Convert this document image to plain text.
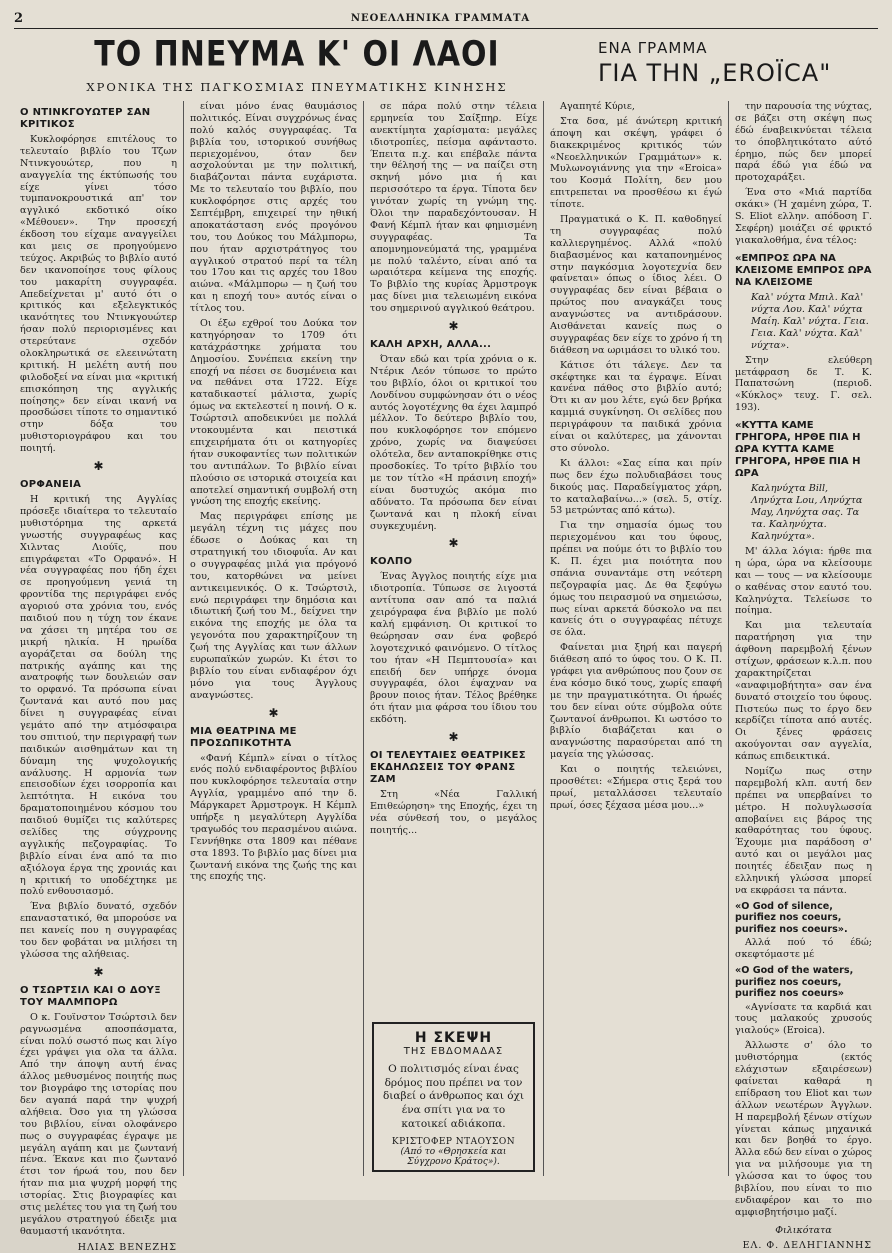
2	ΝΕΟΕΛΛΗΝΙΚΑ ΓΡΑΜΜΑΤΑ
ΤΟ ΠΝΕΥΜΑ Κ' ΟΙ ΛΑΟΙ
ΧΡΟΝΙΚΑ ΤΗΣ ΠΑΓΚΟΣΜΙΑΣ ΠΝΕΥΜΑΤΙΚΗΣ ΚΙΝΗΣΗΣ
ΕΝΑ ΓΡΑΜΜΑ
ΓΙΑ ΤΗΝ „EROΪCA"
Ο ΝΤΙΝΚΓΟΥΩΤΕΡ ΣΑΝ ΚΡΙΤΙΚΟΣ

Κυκλοφόρησε επιτέλους το τελευταίο βιβλίο του Τζων Ντινκγουώτερ, που η αναγγελία της έκτύπωσής του είχε γίνει τόσο τυμπανοκρουστικά απ' τον αγγλικό εκδοτικό οίκο «Μέθουεν». Την προσεχή έκδοση του είχαμε αναγγείλει και μεις σε προηγούμενο τεύχος. Ακριβώς το βιβλίο αυτό δεν ικανοποίησε τους φίλους του μακαρίτη συγγραφέα. Απεδείχνεται μ' αυτό ότι ο κριτικός και εξελεγκτικός ικανότητες του Ντινκγουώτερ ήσαν πολύ περιορισμένες και στερεύτανε σχεδόν ολοκληρωτικά σε ελεεινώτατη κριτική. Η μελέτη αυτή που φιλοδοξεί να είναι μια «κριτική επισκόπηση της αγγλικής ποίησης» δεν είναι ικανή να προσδώσει τίποτε το σημαντικό στην δόξα του μυθιστοριογράφου και του ποιητή.

✱
ΟΡΦΑΝΕΙΑ

Η κριτική της Αγγλίας πρόσεξε ιδιαίτερα το τελευταίο μυθιστόρημα της αρκετά γνωστής συγγραφέως κας Χιλντας Λιούϊς, που επιγράφεται «Το Ορφανό». Η νέα συγγραφέας που ήδη έχει σε προηγούμενη γενιά τη φροντίδα της περιγράφει ενός αγοριού στα χρόνια του, ενός παιδιού που η τύχη τον έκανε να χάσει τη μητέρα του σε μικρή ηλικία. Η ηρωίδα αγοράζεται σα δούλη της πατρικής αγάπης και της ανατροφής των δουλειών σαν το ορφανό. Τα πρόσωπα είναι ζωντανά και αυτό που μας δίνει η συγγραφέας είναι γεμάτο από την ατμόσφαιρα του σπιτιού, την περιγραφή των παιδικών αισθημάτων και τη δύναμη της ψυχολογικής ανάλυσης. Η αρμονία των επεισοδίων έχει ισορροπία και λεπτότητα. Η εικόνα του δραματοποιημένου κόσμου του παιδιού θυμίζει τις καλύτερες σελίδες της σύγχρονης αγγλικής πεζογραφίας. Το βιβλίο είναι ένα από τα πιο αξιόλογα έργα της χρονιάς και η κριτική το υποδέχτηκε με πολύ ενθουσιασμό.

Ένα βιβλίο δυνατό, σχεδόν επαναστατικό, θα μπορούσε να πει κανείς που η συγγραφέας του δεν φοβάται να μιλήσει τη γλώσσα της αλήθειας.

✱
Ο ΤΣΩΡΤΣΙΛ ΚΑΙ Ο ΔΟΥΞ ΤΟΥ ΜΑΛΜΠΟΡΩ

Ο κ. Γουϊνστον Τσώρτσιλ δεν ραγνωσμένα αποσπάσματα, είναι πολύ σωστό πως και λίγο έχει γράψει για ολα τα άλλα. Από την άποψη αυτή ένας άλλος μεθυσμένος ποιητής πως τον βιογράφο της ιστορίας που δεν αγαπά παρά την ψυχρή αλήθεια. Όσο για τη γλώσσα του βιβλίου, είναι ολοφάνερο πως ο συγγραφέας έγραψε με μεγάλη αγάπη και με ζωντανή πένα. Έκανε και πιο ζωντανό έτσι τον ήρωά του, που δεν ήταν πια μια ψυχρή μορφή της ιστορίας. Στις βιογραφίες και στις μελέτες του για τη ζωή του μεγάλου στρατηγού έδειξε μια θαυμαστή ικανότητα.

ΗΛΙΑΣ ΒΕΝΕΖΗΣ

είναι μόνο ένας θαυμάσιος πολιτικός. Είναι συγχρόνως ένας πολύ καλός συγγραφέας. Τα βιβλία του, ιστορικού συνήθως περιεχομένου, όταν δεν ασχολούνται με την πολιτική, διαβάζονται πάντα ευχάριστα. Με το τελευταίο του βιβλίο, που κυκλοφόρησε στις αρχές του Σεπτέμβρη, επιχειρεί την ηθική αποκατάσταση ενός προγόνου του, του Δούκος του Μάλμπορω, που ήταν αρχιστράτηγος του αγγλικού στρατού περί τα τέλη του 17ου και τις αρχές του 18ου αιώνα. «Μάλμπορω — η ζωή του και η εποχή του» αυτός είναι ο τίτλος του.

Οι έξω εχθροί του Δούκα τον κατηγόρησαν το 1709 ότι κατάχράστηκε χρήματα του Δημοσίου. Συνέπεια εκείνη την εποχή να πέσει σε δυσμένεια και να πεθάνει στα 1722. Είχε καταδικαστεί μάλιστα, χωρίς όμως να εκτελεστεί η ποινή. Ο κ. Τσώρτσιλ αποδεικνύει με πολλά ντοκουμέντα και πειστικά επιχειρήματα ότι οι κατηγορίες ήταν συκοφαντίες των πολιτικών του αντιπάλων. Το βιβλίο είναι πλούσιο σε ιστορικά στοιχεία και αποτελεί σημαντική συμβολή στη γνώση της εποχής εκείνης.

Μας περιγράφει επίσης με μεγάλη τέχνη τις μάχες που έδωσε ο Δούκας και τη στρατηγική του ιδιοφυΐα. Αν και ο συγγραφέας μιλά για πρόγονό του, κατορθώνει να μείνει αντικειμενικός. Ο κ. Τσώρτσιλ, ενώ περιγράφει την δημόσια και ιδιωτική ζωή του Μ., δείχνει την εικόνα της εποχής με όλα τα γεγονότα που χαρακτηρίζουν τη ζωή της Αγγλίας και των άλλων ευρωπαϊκών χωρών. Κι έτσι το βιβλίο του είναι ενδιαφέρον όχι μόνο για τους Άγγλους αναγνώστες.

✱
ΜΙΑ ΘΕΑΤΡΙΝΑ ΜΕ ΠΡΟΣΩΠΙΚΟΤΗΤΑ

«Φανή Κέμπλ» είναι ο τίτλος ενός πολύ ενδιαφέροντος βιβλίου που κυκλοφόρησε τελευταία στην Αγγλία, γραμμένο από την δ. Μάργκαρετ Άρμστρογκ. Η Κέμπλ υπήρξε η μεγαλύτερη Αγγλίδα τραγωδός του περασμένου αιώνα. Γεννήθηκε στα 1809 και πέθανε στα 1893. Το βιβλίο μας δίνει μια ζωντανή εικόνα της ζωής της και της εποχής της.

σε πάρα πολύ στην τέλεια ερμηνεία του Σαίξπηρ. Είχε ανεκτίμητα χαρίσματα: μεγάλες ιδιοτροπίες, πείσμα αφάνταστο. Έπειτα π.χ. και επέβαλε πάντα την θέλησή της — να παίζει στη σκηνή μόνο μια ή και περισσότερο τα έργα. Τίποτα δεν γινόταν χωρίς τη γνώμη της. Όλοι την παραδεχόντουσαν. Η Φανή Κέμπλ ήταν και φημισμένη συγγραφέας. Τα απομνημονεύματά της, γραμμένα με πολύ ταλέντο, είναι από τα ωραιότερα κείμενα της εποχής. Το βιβλίο της κυρίας Άρμστρογκ μας δίνει μια τελειωμένη εικόνα του σημερινού αγγλικού θεάτρου.

✱
ΚΑΛΗ ΑΡΧΗ, ΑΛΛΑ...

Όταν εδώ και τρία χρόνια ο κ. Ντέρικ Λεόν τύπωσε το πρώτο του βιβλίο, όλοι οι κριτικοί του Λονδίνου συμφώνησαν ότι ο νέος αυτός λογοτέχνης θα έχει λαμπρό μέλλον. Το δεύτερο βιβλίο του, που κυκλοφόρησε τον επόμενο χρόνο, χωρίς να διαψεύσει ολότελα, δεν ανταποκρίθηκε στις προσδοκίες. Το τρίτο βιβλίο του με τον τίτλο «Η πράσινη εποχή» είναι δυστυχώς ακόμα πιο αδύνατο. Τα πρόσωπα δεν είναι ζωντανά και η πλοκή είναι συγκεχυμένη.

✱
ΚΟΛΠΟ

Ένας Άγγλος ποιητής είχε μια ιδιοτροπία. Τύπωσε σε λιγοστά αντίτυπα σαν από τα παλιά χειρόγραφα ένα βιβλίο με πολύ καλή εμφάνιση. Οι κριτικοί το θεώρησαν σαν ένα φοβερό λογοτεχνικό φαινόμενο. Ο τίτλος του ήταν «Η Πεμπτουσία» και επειδή δεν υπήρχε όνομα συγγραφέα, όλοι έψαχναν να βρουν ποιος ήταν. Τέλος βρέθηκε ότι ήταν μια φάρσα του ίδιου του εκδότη.

✱
ΟΙ ΤΕΛΕΥΤΑΙΕΣ ΘΕΑΤΡΙΚΕΣ ΕΚΔΗΛΩΣΕΙΣ ΤΟΥ ΦΡΑΝΣ ΖΑΜ

Στη «Νέα Γαλλική Επιθεώρηση» της Εποχής, έχει τη νέα σύνθεσή του, ο μεγάλος ποιητής...

Η ΣΚΕΨΗ
ΤΗΣ ΕΒΔΟΜΑΔΑΣ
Ο πολιτισμός είναι ένας δρόμος που πρέπει να τον διαβεί ο άνθρωπος και όχι ένα σπίτι για να το κατοικεί αδιάκοπα.
ΚΡΙΣΤΟΦΕΡ ΝΤΑΟΥΣΟΝ
(Από το «Θρησκεία και Σύγχρονο Κράτος»).

Αγαπητέ Κύριε,

Στα δσα, μέ άνώτερη κριτική άποψη και σκέψη, γράφει ό διακεκριμένος κριτικός τών «Νεοελληνικών Γραμμάτων» κ. Μυλωνογιάννης για την «Eroica» του Κοσμά Πολίτη, δεν μου επιτρεπεται να προσθέσω κι έγώ τίποτε.

Πραγματικά ο Κ. Π. καθοδηγεί τη συγγραφέας πολύ καλλιεργημένος. Αλλά «πολύ διαβασμένος και καταπονημένος στην παγκόσμια λογοτεχνία δεν φαίνεται» όπως ο ίδιος λέει. Ο συγγραφέας δεν είναι βέβαια ο πρώτος που αναγκάζει τους αναγνώστες να αντιδράσουν. Αισθάνεται κανείς πως ο συγγραφέας δεν είχε το χρόνο ή τη διάθεση να ωριμάσει το υλικό του.

Κάτισε ότι τάλεγε. Δεν τα σκέφτηκε και τα έγραψε. Είναι κανένα πάθος στο βιβλίο αυτό; Ότι κι αν μου λέτε, εγώ δεν βρήκα καμμιά συγκίνηση. Οι σελίδες που περιγράφουν τα παιδικά χρόνια είναι οι καλύτερες, μα χάνονται στο σύνολο.

Κι άλλοι: «Σας είπα και πρίν πως δεν έχω πολυδιαβάσει τους δικούς μας. Παραδείγματος χάρη, το καταλαβαίνω...» (σελ. 5, στίχ. 53 μετρώντας από κάτω).

Για την σημασία όμως του περιεχομένου και του ύφους, πρέπει να πούμε ότι το βιβλίο του Κ. Π. έχει μια ποιότητα που σπάνια συναντάμε στη νεότερη πεζογραφία μας. Δε θα ξεφύγω όμως του πειρασμού να σημειώσω, πως είναι αρκετά δύσκολο να πει κανείς ότι ο συγγραφέας πέτυχε σε όλα.

Φαίνεται μια ξηρή και παγερή διάθεση από το ύφος του. Ο Κ. Π. γράφει για ανθρώπους που ζουν σε ένα κόσμο δικό τους, χωρίς επαφή με την πραγματικότητα. Οι ήρωές του δεν είναι ούτε σύμβολα ούτε ζωντανοί άνθρωποι. Κι ωστόσο το βιβλίο διαβάζεται και ο αναγνώστης παρασύρεται από τη μαγεία της γλώσσας.

Και ο ποιητής τελειώνει, προσθέτει: «Σήμερα στις ξερά του πρωί, μεταλλάσσει τελευταίο πρωί, όσες ξέχασα μέσα μου...»

την παρουσία της νύχτας, σε βάζει στη σκέψη πως έδώ έναβεικνύεται τέλεια το όποβλητικότατο αύτό έρημο, πώς δεν μπορεί παρά έδώ για έδώ να προτοχαράξει.

Ένα στο «Μιά παρτίδα σκάκι» (Ή χαμένη χώρα, Τ. S. Eliot ελλην. απόδοση Γ. Σεφέρη) μοιάζει σέ φρικτό γιακαλοθήμα, ένα τέλος:

«ΕΜΠΡΟΣ ΩΡΑ ΝΑ ΚΛΕΙΣΟΜΕ ΕΜΠΡΟΣ ΩΡΑ ΝΑ ΚΛΕΙΣΟΜΕ
Καλ' νύχτα Μπιλ. Καλ' νύχτα Λου. Καλ' νύχτα Μαίη. Καλ' νύχτα. Γεια. Γεια. Καλ' νύχτα. Καλ' νύχτα».

Στην ελεύθερη μετάφραση δε Τ. Κ. Παπατσώνη (περιοδ. «Κύκλος» τευχ. Γ. σελ. 193).

«ΚΥΤΤΑ ΚΑΜΕ ΓΡΗΓΟΡΑ, ΗΡΘΕ ΠΙΑ Η ΩΡΑ ΚΥΤΤΑ ΚΑΜΕ ΓΡΗΓΟΡΑ, ΗΡΘΕ ΠΙΑ Η ΩΡΑ
Καληνύχτα Bill, Ληνύχτα Lou, Ληνύχτα May, Ληνύχτα σας. Τα τα. Καληνύχτα. Καληνύχτα».

Μ' άλλα λόγια: ήρθε πια η ώρα, ώρα να κλείσουμε και — τους — να κλείσουμε ο καθένας στον εαυτό του. Καληνύχτα. Τελείωσε το ποίημα.

Και μια τελευταία παρατήρηση για την άφθονη παρεμβολή ξένων στίχων, φράσεων κ.λ.π. που χαρακτηρίζεται «αναφιμοβήτητα» σαν ένα δυνατό στοιχείο του ύφους. Πιστεύω πως το έργο δεν κερδίζει τίποτα από αυτές. Οι ξένες φράσεις ακούγονται σαν αγγελία, κάπως επιδεικτικά.

Νομίζω πως στην παρεμβολή κλπ. αυτή δεν πρέπει να υπερβαίνει το μέτρο. Η πολυγλωσσία αποβαίνει εις βάρος της καθαρότητας του ύφους. Έχουμε μια παράδοση σ' αυτό και οι μεγάλοι μας ποιητές έδειξαν πως η ελληνική γλώσσα μπορεί να εκφράσει τα πάντα.

«O God of silence, purifiez nos coeurs, purifiez nos coeurs».

Αλλά πού τό έδώ; σκεφτόμαστε μέ

«O God of the waters, purifiez nos coeurs, purifiez nos coeurs»

«Αγνίσατε τα καρδιά και τους μαλακούς χρυσούς γιαλούς» (Eroica).

Άλλωστε σ' όλο το μυθιστόρημα (εκτός ελάχιστων εξαιρέσεων) φαίνεται καθαρά η επίδραση του Eliot και των άλλων νεωτέρων Άγγλων. Η παρεμβολή ξένων στίχων γίνεται κάπως μηχανικά και δεν βοηθά το έργο. Άλλα εδώ δεν είναι ο χώρος για να μιλήσουμε για τη γλώσσα και το ύφος του βιβλίου, που είναι το πιο ενδιαφέρον και το πιο αμφισβητήσιμο μαζί.

Φιλικότατα
ΕΛ. Φ. ΔΕΛΗΓΙΑΝΝΗΣ
